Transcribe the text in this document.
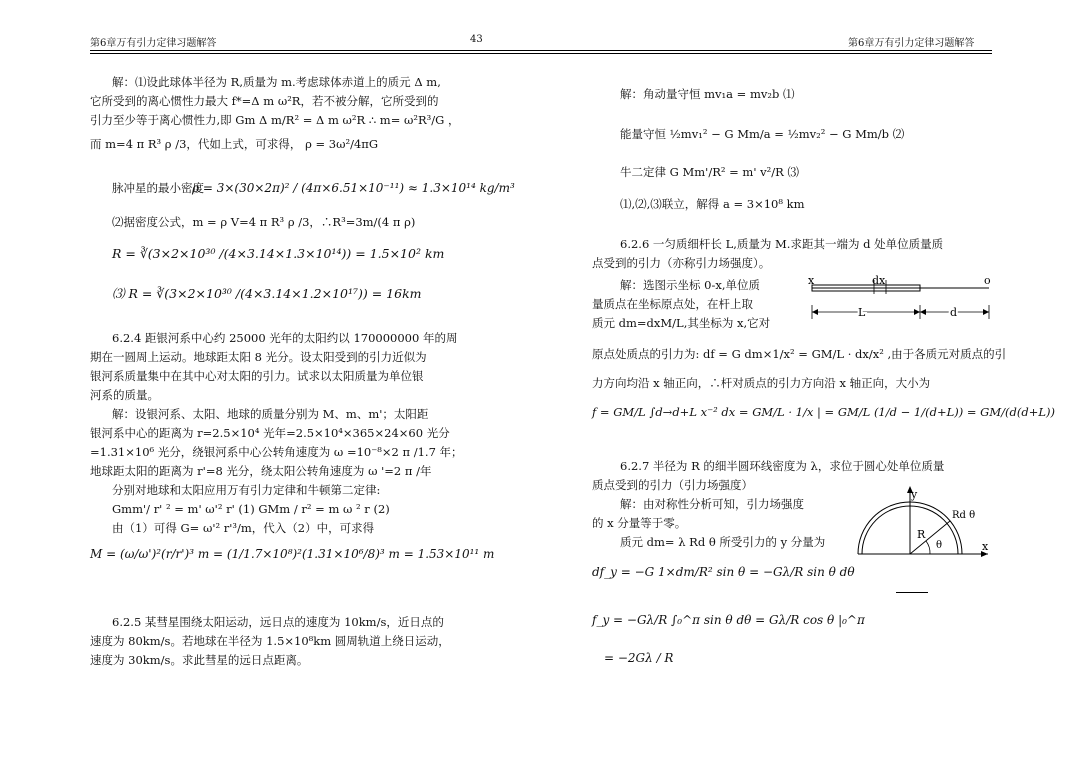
第6章万有引力定律习题解答	43	第6章万有引力定律习题解答
解：⑴设此球体半径为 R,质量为 m.考虑球体赤道上的质元 Δ m,
它所受到的离心惯性力最大 f*=Δ m ω²R，若不被分解，它所受到的
引力至少等于离心惯性力,即 Gm Δ m/R² = Δ m ω²R ∴ m= ω²R³/G ，
而 m=4 π R³ ρ /3，代如上式，可求得， ρ = 3ω²/4πG
脉冲星的最小密度
ρ = 3×(30×2π)² / (4π×6.51×10⁻¹¹) ≈ 1.3×10¹⁴ kg/m³
⑵据密度公式，m = ρ V=4 π R³ ρ /3，∴R³=3m/(4 π ρ)
R = ∛(3×2×10³⁰ /(4×3.14×1.3×10¹⁴)) = 1.5×10² km
⑶ R = ∛(3×2×10³⁰ /(4×3.14×1.2×10¹⁷)) = 16km
6.2.4 距银河系中心约 25000 光年的太阳约以 170000000 年的周
期在一圆周上运动。地球距太阳 8 光分。设太阳受到的引力近似为
银河系质量集中在其中心对太阳的引力。试求以太阳质量为单位银
河系的质量。
解：设银河系、太阳、地球的质量分别为 M、m、m'；太阳距
银河系中心的距离为 r=2.5×10⁴ 光年=2.5×10⁴×365×24×60 光分
=1.31×10⁶ 光分，绕银河系中心公转角速度为 ω =10⁻⁸×2 π /1.7 年；
地球距太阳的距离为 r'=8 光分，绕太阳公转角速度为 ω '=2 π /年
分别对地球和太阳应用万有引力定律和牛顿第二定律:
Gmm'/ r' ² = m' ω'² r' (1) GMm / r² = m ω ² r (2)
由（1）可得 G= ω'² r'³/m，代入（2）中，可求得
M = (ω/ω')²(r/r')³ m = (1/1.7×10⁸)²(1.31×10⁶/8)³ m = 1.53×10¹¹ m
6.2.5 某彗星围绕太阳运动，远日点的速度为 10km/s，近日点的
速度为 80km/s。若地球在半径为 1.5×10⁸km 圆周轨道上绕日运动，
速度为 30km/s。求此彗星的远日点距离。
解：角动量守恒 mv₁a = mv₂b ⑴
能量守恒 ½mv₁² − G Mm/a = ½mv₂² − G Mm/b ⑵
牛二定律 G Mm'/R² = m' v²/R ⑶
⑴,⑵,⑶联立，解得 a = 3×10⁸ km
6.2.6 一匀质细杆长 L,质量为 M.求距其一端为 d 处单位质量质
点受到的引力（亦称引力场强度）。
解：选图示坐标 0-x,单位质
量质点在坐标原点处，在杆上取
质元 dm=dxM/L,其坐标为 x,它对
x	dx	o
L	d
原点处质点的引力为: df = G dm×1/x² = GM/L · dx/x² ,由于各质元对质点的引
力方向均沿 x 轴正向，∴杆对质点的引力方向沿 x 轴正向，大小为
f = GM/L ∫d→d+L x⁻² dx = GM/L · 1/x | = GM/L (1/d − 1/(d+L)) = GM/(d(d+L))
6.2.7 半径为 R 的细半圆环线密度为 λ，求位于圆心处单位质量
质点受到的引力（引力场强度）
解：由对称性分析可知，引力场强度
的 x 分量等于零。
质元 dm= λ Rd θ 所受引力的 y 分量为
y
x
R
Rd θ
θ
df_y = −G 1×dm/R² sin θ = −Gλ/R sin θ dθ
f_y = −Gλ/R ∫₀^π sin θ dθ = Gλ/R cos θ |₀^π
= −2Gλ / R
